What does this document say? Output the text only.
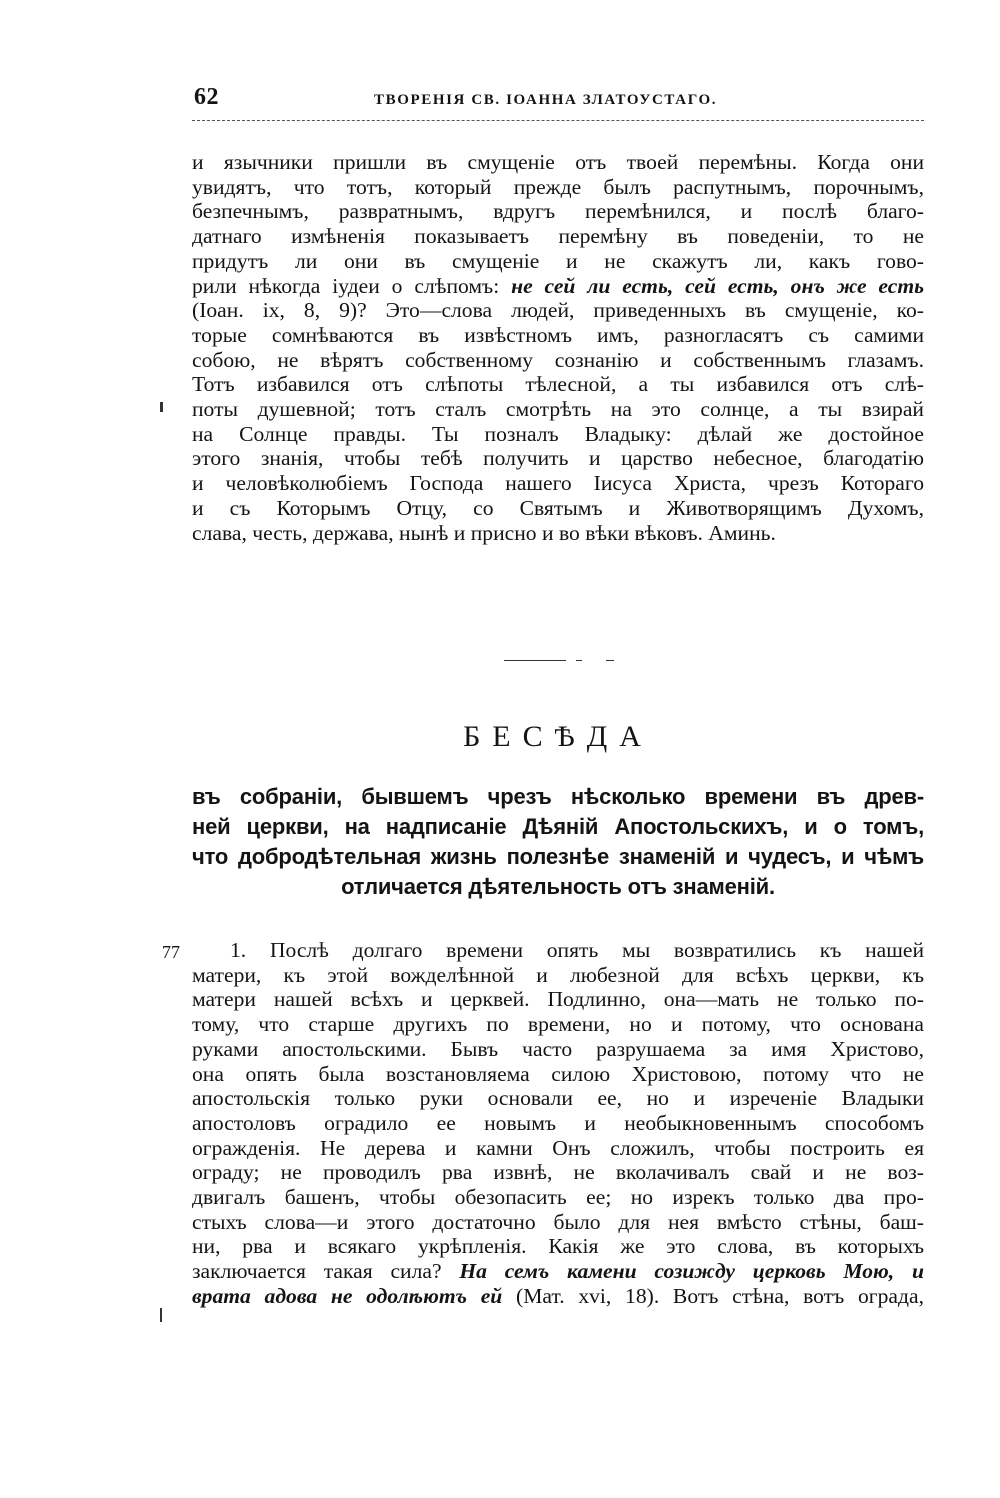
62	ТВОРЕНІЯ СВ. ІОАННА ЗЛАТОУСТАГО.
и язычники пришли въ смущеніе отъ твоей перемѣны. Когда они
увидятъ, что тотъ, который прежде былъ распутнымъ, порочнымъ,
безпечнымъ, развратнымъ, вдругъ перемѣнился, и послѣ благо-
датнаго измѣненія показываетъ перемѣну въ поведеніи, то не
придутъ ли они въ смущеніе и не скажутъ ли, какъ гово-
рили нѣкогда іудеи о слѣпомъ: не сей ли есть, сей есть, онъ же есть
(Іоан. ix, 8, 9)? Это—слова людей, приведенныхъ въ смущеніе, ко-
торые сомнѣваются въ извѣстномъ имъ, разногласятъ съ самими
собою, не вѣрятъ собственному сознанію и собственнымъ глазамъ.
Тотъ избавился отъ слѣпоты тѣлесной, а ты избавился отъ слѣ-
поты душевной; тотъ сталъ смотрѣть на это солнце, а ты взирай
на Солнце правды. Ты позналъ Владыку: дѣлай же достойное
этого знанія, чтобы тебѣ получить и царство небесное, благодатію
и человѣколюбіемъ Господа нашего Іисуса Христа, чрезъ Котораго
и съ Которымъ Отцу, со Святымъ и Животворящимъ Духомъ,
слава, честь, держава, нынѣ и присно и во вѣки вѣковъ. Аминь.
БЕСѢДА
въ собраніи, бывшемъ чрезъ нѣсколько времени въ древ-
ней церкви, на надписаніе Дѣяній Апостольскихъ, и о томъ,
что добродѣтельная жизнь полезнѣе знаменій и чудесъ, и чѣмъ
отличается дѣятельность отъ знаменій.
77	1. Послѣ долгаго времени опять мы возвратились къ нашей
матери, къ этой вожделѣнной и любезной для всѣхъ церкви, къ
матери нашей всѣхъ и церквей. Подлинно, она—мать не только по-
тому, что старше другихъ по времени, но и потому, что основана
руками апостольскими. Бывъ часто разрушаема за имя Христово,
она опять была возстановляема силою Христовою, потому что не
апостольскія только руки основали ее, но и изреченіе Владыки
апостоловъ оградило ее новымъ и необыкновеннымъ способомъ
огражденія. Не дерева и камни Онъ сложилъ, чтобы построить ея
ограду; не проводилъ рва извнѣ, не вколачивалъ свай и не воз-
двигалъ башенъ, чтобы обезопасить ее; но изрекъ только два про-
стыхъ слова—и этого достаточно было для нея вмѣсто стѣны, баш-
ни, рва и всякаго укрѣпленія. Какія же это слова, въ которыхъ
заключается такая сила? На семъ камени созижду церковь Мою, и
врата адова не одолѣютъ ей (Мат. xvi, 18). Вотъ стѣна, вотъ ограда,
